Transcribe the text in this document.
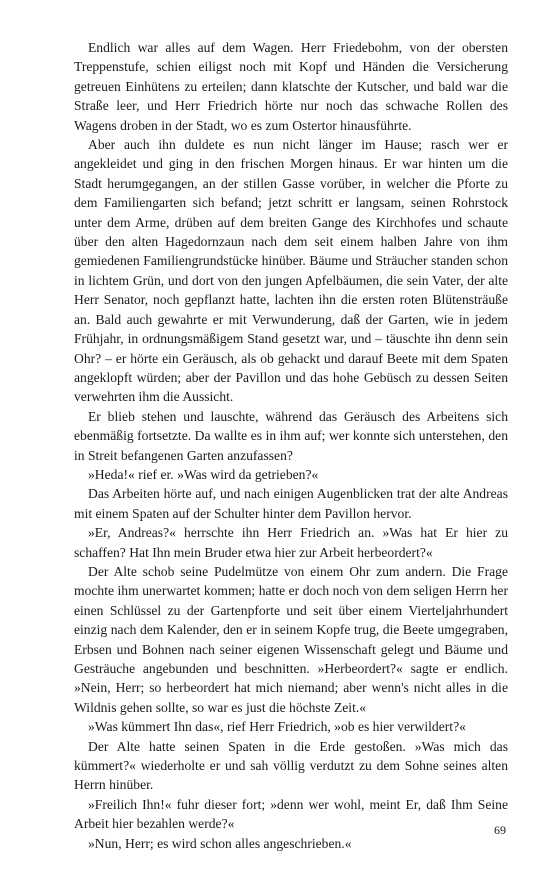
Endlich war alles auf dem Wagen. Herr Friedebohm, von der obersten Treppenstufe, schien eiligst noch mit Kopf und Händen die Versicherung getreuen Einhütens zu erteilen; dann klatschte der Kutscher, und bald war die Straße leer, und Herr Friedrich hörte nur noch das schwache Rollen des Wagens droben in der Stadt, wo es zum Ostertor hinausführte.

Aber auch ihn duldete es nun nicht länger im Hause; rasch wer er angekleidet und ging in den frischen Morgen hinaus. Er war hinten um die Stadt herumgegangen, an der stillen Gasse vorüber, in welcher die Pforte zu dem Familiengarten sich befand; jetzt schritt er langsam, seinen Rohrstock unter dem Arme, drüben auf dem breiten Gange des Kirchhofes und schaute über den alten Hagedornzaun nach dem seit einem halben Jahre von ihm gemiedenen Familiengrundstücke hinüber. Bäume und Sträucher standen schon in lichtem Grün, und dort von den jungen Apfelbäumen, die sein Vater, der alte Herr Senator, noch gepflanzt hatte, lachten ihn die ersten roten Blütensträuße an. Bald auch gewahrte er mit Verwunderung, daß der Garten, wie in jedem Frühjahr, in ordnungsmäßigem Stand gesetzt war, und – täuschte ihn denn sein Ohr? – er hörte ein Geräusch, als ob gehackt und darauf Beete mit dem Spaten angeklopft würden; aber der Pavillon und das hohe Gebüsch zu dessen Seiten verwehrten ihm die Aussicht.

Er blieb stehen und lauschte, während das Geräusch des Arbeitens sich ebenmäßig fortsetzte. Da wallte es in ihm auf; wer konnte sich unterstehen, den in Streit befangenen Garten anzufassen?

»Heda!« rief er. »Was wird da getrieben?«

Das Arbeiten hörte auf, und nach einigen Augenblicken trat der alte Andreas mit einem Spaten auf der Schulter hinter dem Pavillon hervor.

»Er, Andreas?« herrschte ihn Herr Friedrich an. »Was hat Er hier zu schaffen? Hat Ihn mein Bruder etwa hier zur Arbeit herbeordert?«

Der Alte schob seine Pudelmütze von einem Ohr zum andern. Die Frage mochte ihm unerwartet kommen; hatte er doch noch von dem seligen Herrn her einen Schlüssel zu der Gartenpforte und seit über einem Vierteljahrhundert einzig nach dem Kalender, den er in seinem Kopfe trug, die Beete umgegraben, Erbsen und Bohnen nach seiner eigenen Wissenschaft gelegt und Bäume und Gesträuche angebunden und beschnitten. »Herbeordert?« sagte er endlich. »Nein, Herr; so herbeordert hat mich niemand; aber wenn's nicht alles in die Wildnis gehen sollte, so war es just die höchste Zeit.«

»Was kümmert Ihn das«, rief Herr Friedrich, »ob es hier verwildert?«

Der Alte hatte seinen Spaten in die Erde gestoßen. »Was mich das kümmert?« wiederholte er und sah völlig verdutzt zu dem Sohne seines alten Herrn hinüber.

»Freilich Ihn!« fuhr dieser fort; »denn wer wohl, meint Er, daß Ihm Seine Arbeit hier bezahlen werde?«

»Nun, Herr; es wird schon alles angeschrieben.«

69
